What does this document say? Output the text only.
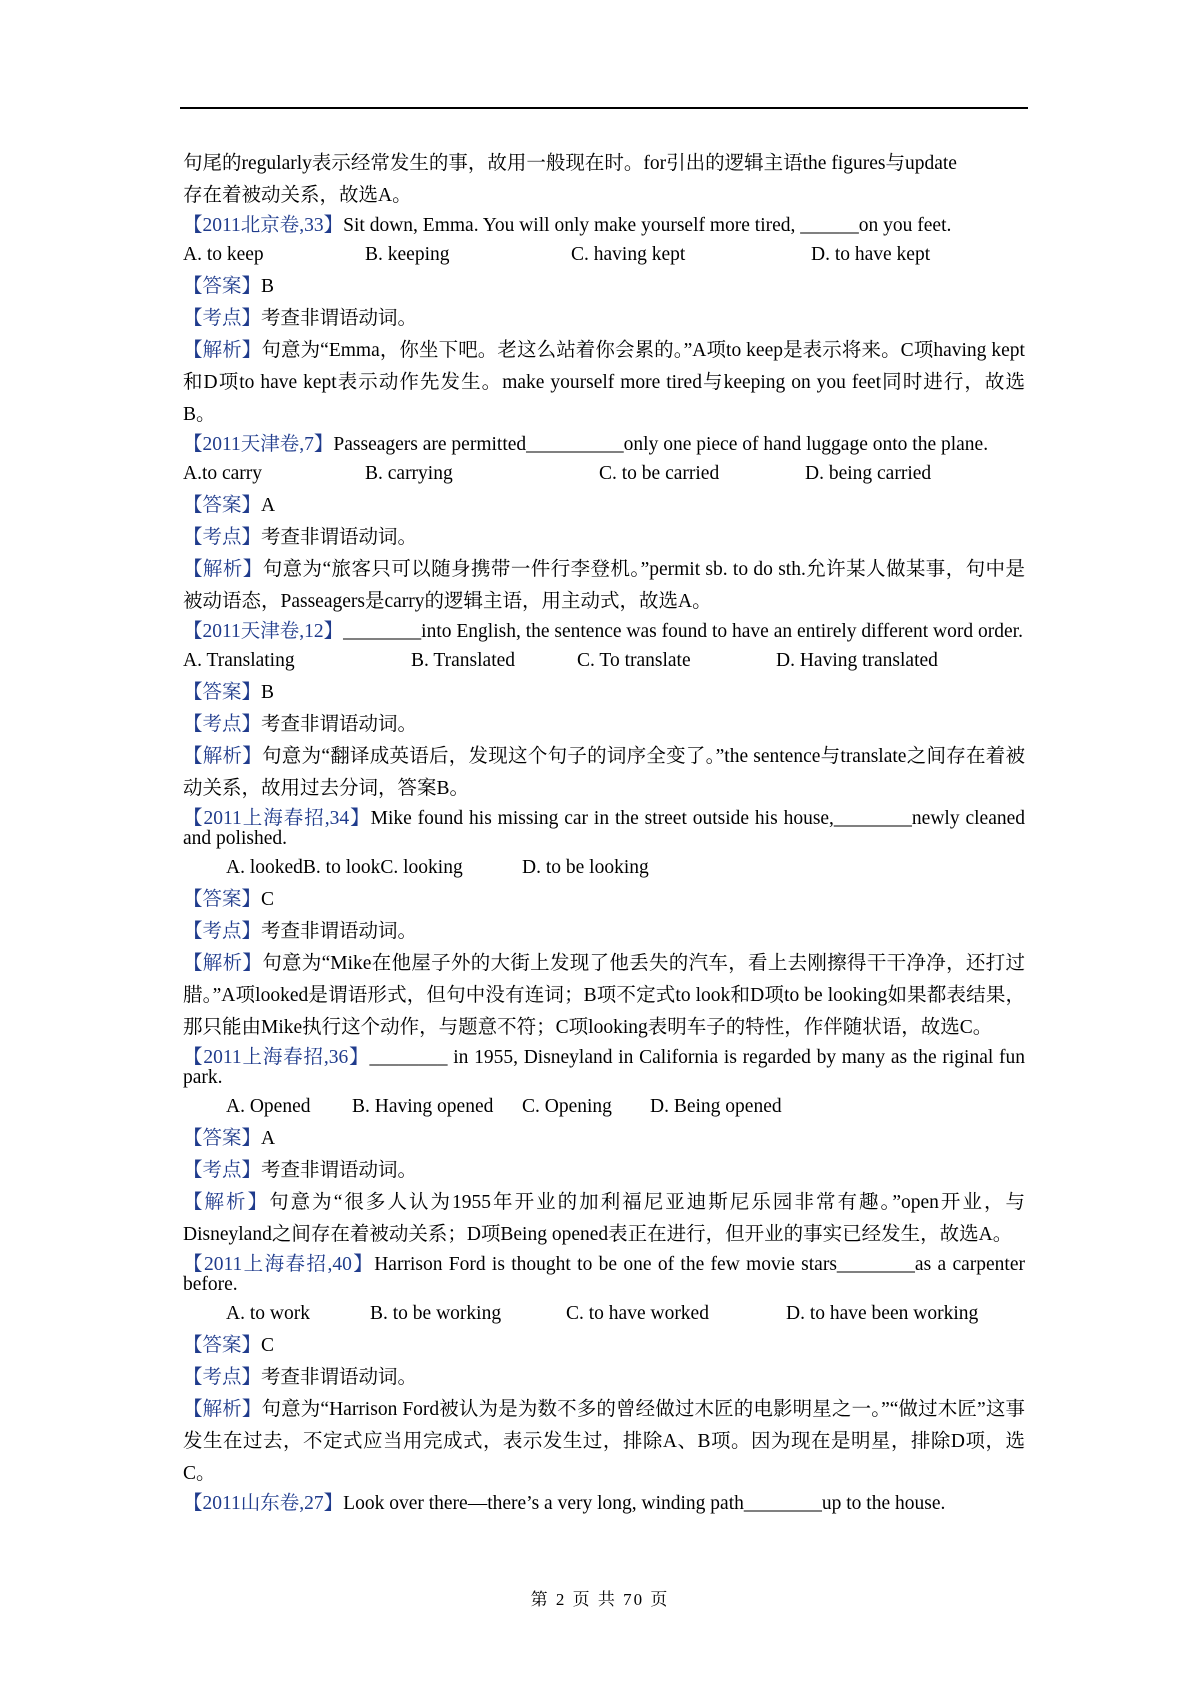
句尾的regularly表示经常发生的事，故用一般现在时。for引出的逻辑主语the figures与update
存在着被动关系，故选A。

【2011北京卷,33】Sit down, Emma. You will only make yourself more tired, ______on you feet.

A. to keep	B. keeping	C. having kept	D. to have kept

【答案】B

【考点】考查非谓语动词。

【解析】句意为“Emma，你坐下吧。老这么站着你会累的。”A项to keep是表示将来。C项having kept和D项to have kept表示动作先发生。make yourself more tired与keeping on you feet同时进行，故选B。

【2011天津卷,7】Passeagers are permitted__________only one piece of hand luggage onto the plane.

A.to carry	B. carrying	C. to be carried	D. being carried

【答案】A

【考点】考查非谓语动词。

【解析】句意为“旅客只可以随身携带一件行李登机。”permit sb. to do sth.允许某人做某事，句中是被动语态，Passeagers是carry的逻辑主语，用主动式，故选A。

【2011天津卷,12】________into English, the sentence was found to have an entirely different word order.

A. Translating	B. Translated	C. To translate	D. Having translated

【答案】B

【考点】考查非谓语动词。

【解析】句意为“翻译成英语后，发现这个句子的词序全变了。”the sentence与translate之间存在着被动关系，故用过去分词，答案B。

【2011上海春招,34】Mike found his missing car in the street outside his house,________newly cleaned and polished.

A. lookedB. to lookC. looking	D. to be looking

【答案】C

【考点】考查非谓语动词。

【解析】句意为“Mike在他屋子外的大街上发现了他丢失的汽车，看上去刚擦得干干净净，还打过腊。”A项looked是谓语形式，但句中没有连词；B项不定式to look和D项to be looking如果都表结果，那只能由Mike执行这个动作，与题意不符；C项looking表明车子的特性，作伴随状语，故选C。

【2011上海春招,36】________ in 1955, Disneyland in California is regarded by many as the riginal fun park.

A. Opened B. Having opened C. Opening D. Being opened

【答案】A

【考点】考查非谓语动词。

【解析】句意为“很多人认为1955年开业的加利福尼亚迪斯尼乐园非常有趣。”open开业，与Disneyland之间存在着被动关系；D项Being opened表正在进行，但开业的事实已经发生，故选A。

【2011上海春招,40】Harrison Ford is thought to be one of the few movie stars________as a carpenter before.

A. to work	B. to be working	C. to have worked	D. to have been working

【答案】C

【考点】考查非谓语动词。

【解析】句意为“Harrison Ford被认为是为数不多的曾经做过木匠的电影明星之一。”“做过木匠”这事发生在过去，不定式应当用完成式，表示发生过，排除A、B项。因为现在是明星，排除D项，选C。

【2011山东卷,27】Look over there—there’s a very long, winding path________up to the house.

第 2 页 共 70 页
